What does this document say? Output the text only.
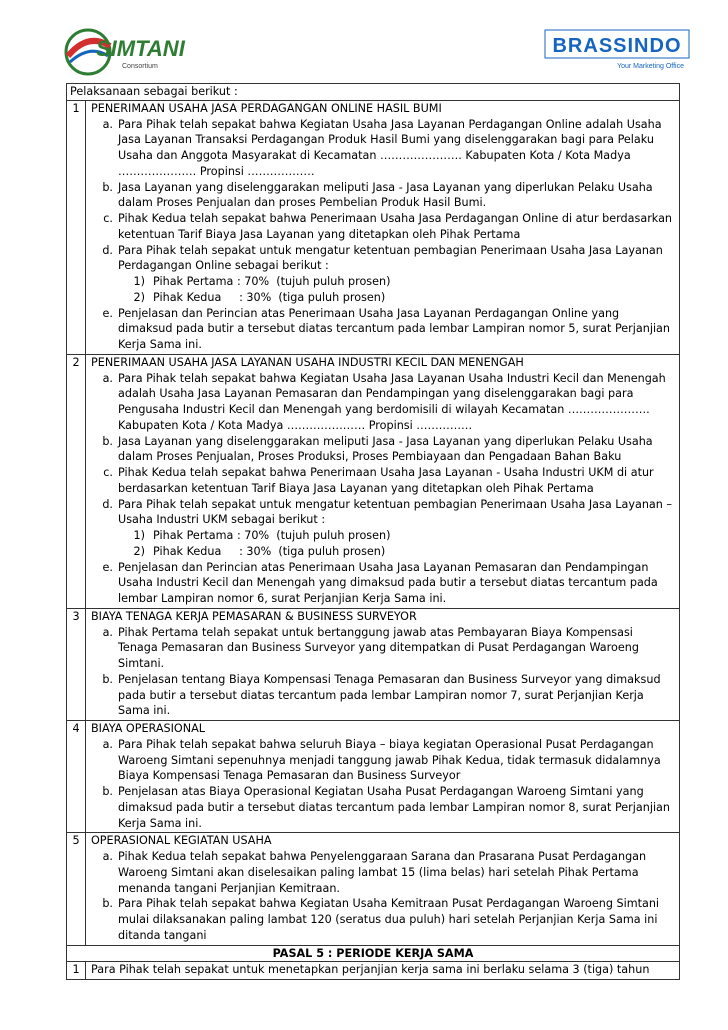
SIMTANI
Consortium
BRASSINDO
Your Marketing Office
Pelaksanaan sebagai berikut :
1	PENERIMAAN USAHA JASA PERDAGANGAN ONLINE HASIL BUMI
a. Para Pihak telah sepakat bahwa Kegiatan Usaha Jasa Layanan Perdagangan Online adalah Usaha Jasa Layanan Transaksi Perdagangan Produk Hasil Bumi yang diselenggarakan bagi para Pelaku Usaha dan Anggota Masyarakat di Kecamatan …………………. Kabupaten Kota / Kota Madya ………………… Propinsi ………………
b. Jasa Layanan yang diselenggarakan meliputi Jasa - Jasa Layanan yang diperlukan Pelaku Usaha dalam Proses Penjualan dan proses Pembelian Produk Hasil Bumi.
c. Pihak Kedua telah sepakat bahwa Penerimaan Usaha Jasa Perdagangan Online di atur berdasarkan ketentuan Tarif Biaya Jasa Layanan yang ditetapkan oleh Pihak Pertama
d. Para Pihak telah sepakat untuk mengatur ketentuan pembagian Penerimaan Usaha Jasa Layanan Perdagangan Online sebagai berikut :
1) Pihak Pertama : 70%  (tujuh puluh prosen)
2) Pihak Kedua     : 30%  (tiga puluh prosen)
e. Penjelasan dan Perincian atas Penerimaan Usaha Jasa Layanan Perdagangan Online yang dimaksud pada butir a tersebut diatas tercantum pada lembar Lampiran nomor 5, surat Perjanjian Kerja Sama ini.
2	PENERIMAAN USAHA JASA LAYANAN USAHA INDUSTRI KECIL DAN MENENGAH
a. Para Pihak telah sepakat bahwa Kegiatan Usaha Jasa Layanan Usaha Industri Kecil dan Menengah adalah Usaha Jasa Layanan Pemasaran dan Pendampingan yang diselenggarakan bagi para Pengusaha Industri Kecil dan Menengah yang berdomisili di wilayah Kecamatan …………………. Kabupaten Kota / Kota Madya ………………… Propinsi ……………
b. Jasa Layanan yang diselenggarakan meliputi Jasa - Jasa Layanan yang diperlukan Pelaku Usaha dalam Proses Penjualan, Proses Produksi, Proses Pembiayaan dan Pengadaan Bahan Baku
c. Pihak Kedua telah sepakat bahwa Penerimaan Usaha Jasa Layanan - Usaha Industri UKM di atur berdasarkan ketentuan Tarif Biaya Jasa Layanan yang ditetapkan oleh Pihak Pertama
d. Para Pihak telah sepakat untuk mengatur ketentuan pembagian Penerimaan Usaha Jasa Layanan – Usaha Industri UKM sebagai berikut :
1) Pihak Pertama : 70%  (tujuh puluh prosen)
2) Pihak Kedua     : 30%  (tiga puluh prosen)
e. Penjelasan dan Perincian atas Penerimaan Usaha Jasa Layanan Pemasaran dan Pendampingan Usaha Industri Kecil dan Menengah yang dimaksud pada butir a tersebut diatas tercantum pada lembar Lampiran nomor 6, surat Perjanjian Kerja Sama ini.
3	BIAYA TENAGA KERJA PEMASARAN & BUSINESS SURVEYOR
a. Pihak Pertama telah sepakat untuk bertanggung jawab atas Pembayaran Biaya Kompensasi Tenaga Pemasaran dan Business Surveyor yang ditempatkan di Pusat Perdagangan Waroeng Simtani.
b. Penjelasan tentang Biaya Kompensasi Tenaga Pemasaran dan Business Surveyor yang dimaksud pada butir a tersebut diatas tercantum pada lembar Lampiran nomor 7, surat Perjanjian Kerja Sama ini.
4	BIAYA OPERASIONAL
a. Para Pihak telah sepakat bahwa seluruh Biaya – biaya kegiatan Operasional Pusat Perdagangan Waroeng Simtani sepenuhnya menjadi tanggung jawab Pihak Kedua, tidak termasuk didalamnya Biaya Kompensasi Tenaga Pemasaran dan Business Surveyor
b. Penjelasan atas Biaya Operasional Kegiatan Usaha Pusat Perdagangan Waroeng Simtani yang dimaksud pada butir a tersebut diatas tercantum pada lembar Lampiran nomor 8, surat Perjanjian Kerja Sama ini.
5	OPERASIONAL KEGIATAN USAHA
a. Pihak Kedua telah sepakat bahwa Penyelenggaraan Sarana dan Prasarana Pusat Perdagangan Waroeng Simtani akan diselesaikan paling lambat 15 (lima belas) hari setelah Pihak Pertama menanda tangani Perjanjian Kemitraan.
b. Para Pihak telah sepakat bahwa Kegiatan Usaha Kemitraan Pusat Perdagangan Waroeng Simtani mulai dilaksanakan paling lambat 120 (seratus dua puluh) hari setelah Perjanjian Kerja Sama ini ditanda tangani
PASAL 5 : PERIODE KERJA SAMA
1	Para Pihak telah sepakat untuk menetapkan perjanjian kerja sama ini berlaku selama 3 (tiga) tahun
